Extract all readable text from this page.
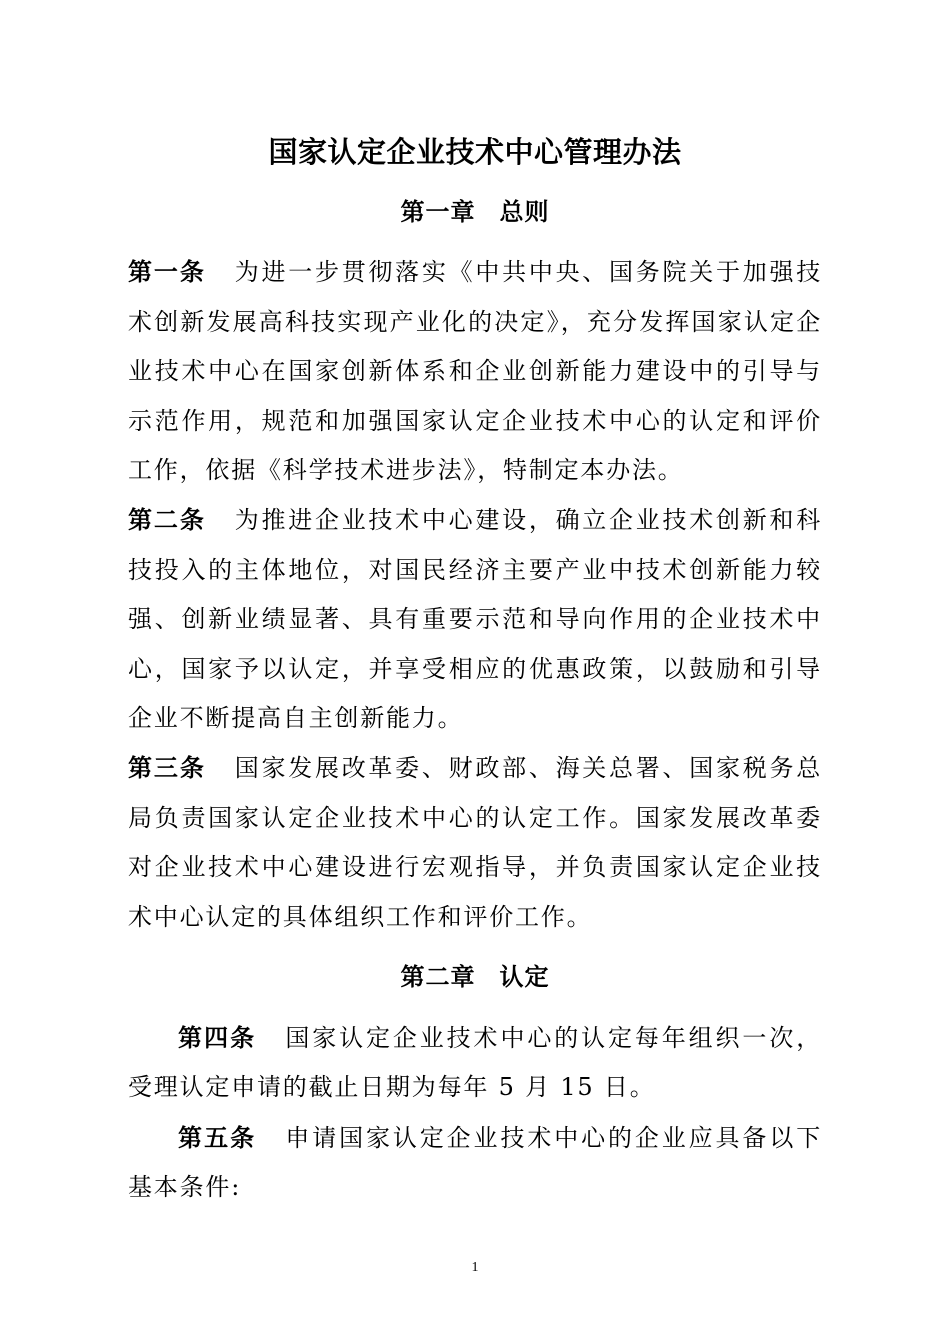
国家认定企业技术中心管理办法
第一章 总则

第一条 为进一步贯彻落实《中共中央、国务院关于加强技术创新发展高科技实现产业化的决定》，充分发挥国家认定企业技术中心在国家创新体系和企业创新能力建设中的引导与示范作用，规范和加强国家认定企业技术中心的认定和评价工作，依据《科学技术进步法》，特制定本办法。

第二条 为推进企业技术中心建设，确立企业技术创新和科技投入的主体地位，对国民经济主要产业中技术创新能力较强、创新业绩显著、具有重要示范和导向作用的企业技术中心，国家予以认定，并享受相应的优惠政策，以鼓励和引导企业不断提高自主创新能力。

第三条 国家发展改革委、财政部、海关总署、国家税务总局负责国家认定企业技术中心的认定工作。国家发展改革委对企业技术中心建设进行宏观指导，并负责国家认定企业技术中心认定的具体组织工作和评价工作。

第二章 认定

第四条 国家认定企业技术中心的认定每年组织一次，受理认定申请的截止日期为每年 5 月 15 日。

第五条 申请国家认定企业技术中心的企业应具备以下基本条件:

1
